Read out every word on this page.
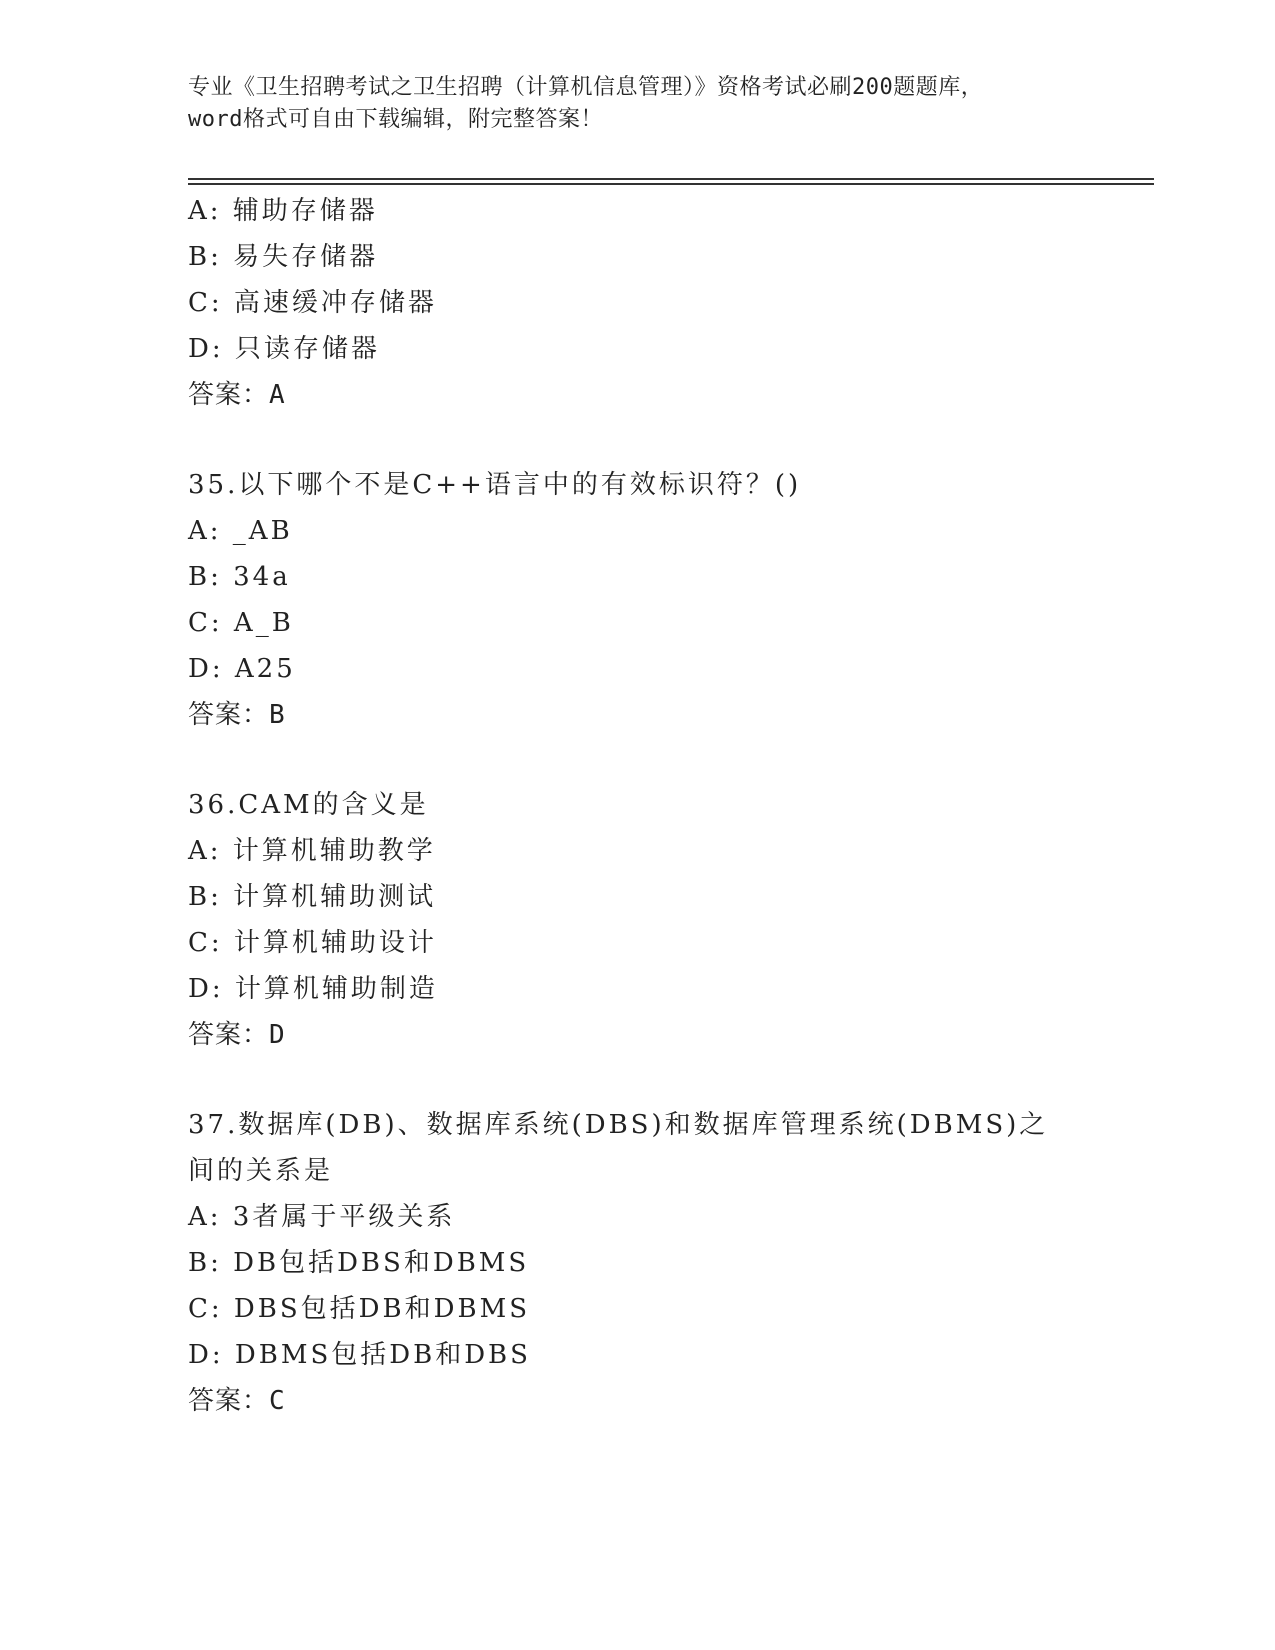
专业《卫生招聘考试之卫生招聘（计算机信息管理）》资格考试必刷200题题库，
word格式可自由下载编辑，附完整答案！
A: 辅助存储器
B: 易失存储器
C: 高速缓冲存储器
D: 只读存储器
答案：A
35.以下哪个不是C++语言中的有效标识符？()
A: _AB
B: 34a
C: A_B
D: A25
答案：B
36.CAM的含义是
A: 计算机辅助教学
B: 计算机辅助测试
C: 计算机辅助设计
D: 计算机辅助制造
答案：D
37.数据库(DB)、数据库系统(DBS)和数据库管理系统(DBMS)之间的关系是
A: 3者属于平级关系
B: DB包括DBS和DBMS
C: DBS包括DB和DBMS
D: DBMS包括DB和DBS
答案：C
